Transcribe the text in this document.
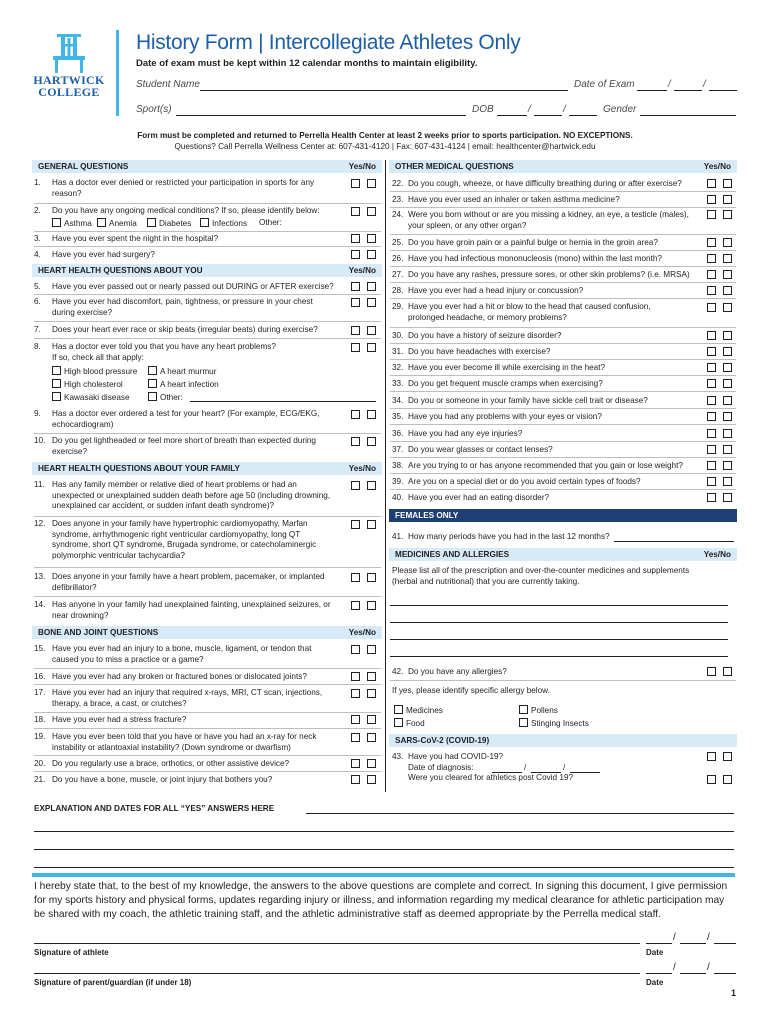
HARTWICK
COLLEGE
History Form | Intercollegiate Athletes Only
Date of exam must be kept within 12 calendar months to maintain eligibility.
Student Name	Date of Exam	/	/
Sport(s)	DOB	/	/	Gender
Form must be completed and returned to Perrella Health Center at least 2 weeks prior to sports participation. NO EXCEPTIONS.
Questions? Call Perrella Wellness Center at: 607-431-4120 | Fax: 607-431-4124 | email: healthcenter@hartwick.edu
GENERAL QUESTIONS	Yes/No
1.	Has a doctor ever denied or restricted your participation in sports for any reason?
2.	Do you have any ongoing medical conditions? If so, please identify below:
Asthma	Anemia	Diabetes	Infections Other:
3.	Have you ever spent the night in the hospital?
4.	Have you ever had surgery?
HEART HEALTH QUESTIONS ABOUT YOU	Yes/No
5.	Have you ever passed out or nearly passed out DURING or AFTER exercise?
6.	Have you ever had discomfort, pain, tightness, or pressure in your chest during exercise?
7.	Does your heart ever race or skip beats (irregular beats) during exercise?
8.	Has a doctor ever told you that you have any heart problems?
If so, check all that apply:
High blood pressure	A heart murmur
High cholesterol	A heart infection
Kawasaki disease	Other:
9.	Has a doctor ever ordered a test for your heart? (For example, ECG/EKG, echocardiogram)
10. Do you get lightheaded or feel more short of breath than expected during exercise?
HEART HEALTH QUESTIONS ABOUT YOUR FAMILY	Yes/No
11. Has any family member or relative died of heart problems or had an unexpected or unexplained sudden death before age 50 (including drowning, unexplained car accident, or sudden infant death syndrome)?
12. Does anyone in your family have hypertrophic cardiomyopathy, Marfan syndrome, arrhythmogenic right ventricular cardiomyopathy, long QT syndrome, short QT syndrome, Brugada syndrome, or catecholaminergic polymorphic ventricular tachycardia?
13. Does anyone in your family have a heart problem, pacemaker, or implanted defibrillator?
14. Has anyone in your family had unexplained fainting, unexplained seizures, or near drowning?
BONE AND JOINT QUESTIONS	Yes/No
15. Have you ever had an injury to a bone, muscle, ligament, or tendon that caused you to miss a practice or a game?
16. Have you ever had any broken or fractured bones or dislocated joints?
17. Have you ever had an injury that required x-rays, MRI, CT scan, injections, therapy, a brace, a cast, or crutches?
18. Have you ever had a stress fracture?
19. Have you ever been told that you have or have you had an x-ray for neck instability or atlantoaxial instability? (Down syndrome or dwarfism)
20. Do you regularly use a brace, orthotics, or other assistive device?
21. Do you have a bone, muscle, or joint injury that bothers you?
OTHER MEDICAL QUESTIONS	Yes/No
22. Do you cough, wheeze, or have difficulty breathing during or after exercise?
23. Have you ever used an inhaler or taken asthma medicine?
24. Were you born without or are you missing a kidney, an eye, a testicle (males), your spleen, or any other organ?
25. Do you have groin pain or a painful bulge or hernia in the groin area?
26. Have you had infectious mononucleosis (mono) within the last month?
27. Do you have any rashes, pressure sores, or other skin problems? (i.e. MRSA)
28. Have you ever had a head injury or concussion?
29. Have you ever had a hit or blow to the head that caused confusion, prolonged headache, or memory problems?
30. Do you have a history of seizure disorder?
31. Do you have headaches with exercise?
32. Have you ever become ill while exercising in the heat?
33. Do you get frequent muscle cramps when exercising?
34. Do you or someone in your family have sickle cell trait or disease?
35. Have you had any problems with your eyes or vision?
36. Have you had any eye injuries?
37. Do you wear glasses or contact lenses?
38. Are you trying to or has anyone recommended that you gain or lose weight?
39. Are you on a special diet or do you avoid certain types of foods?
40. Have you ever had an eating disorder?
FEMALES ONLY
41. How many periods have you had in the last 12 months?
MEDICINES AND ALLERGIES	Yes/No
Please list all of the prescription and over-the-counter medicines and supplements (herbal and nutritional) that you are currently taking.
42. Do you have any allergies?
If yes, please identify specific allergy below.
Medicines	Pollens
Food	Stinging Insects
SARS-CoV-2 (COVID-19)
43. Have you had COVID-19?
Date of diagnosis:
Were you cleared for athletics post Covid 19?
/	/
EXPLANATION AND DATES FOR ALL “YES” ANSWERS HERE
I hereby state that, to the best of my knowledge, the answers to the above questions are complete and correct. In signing this document, I give permission for my sports history and physical forms, updates regarding injury or illness, and information regarding my medical clearance for athletic participation may be shared with my coach, the athletic training staff, and the athletic administrative staff as deemed appropriate by the Perrella medical staff.
Signature of athlete
/	/
Date
Signature of parent/guardian (if under 18)
/	/
Date
1
